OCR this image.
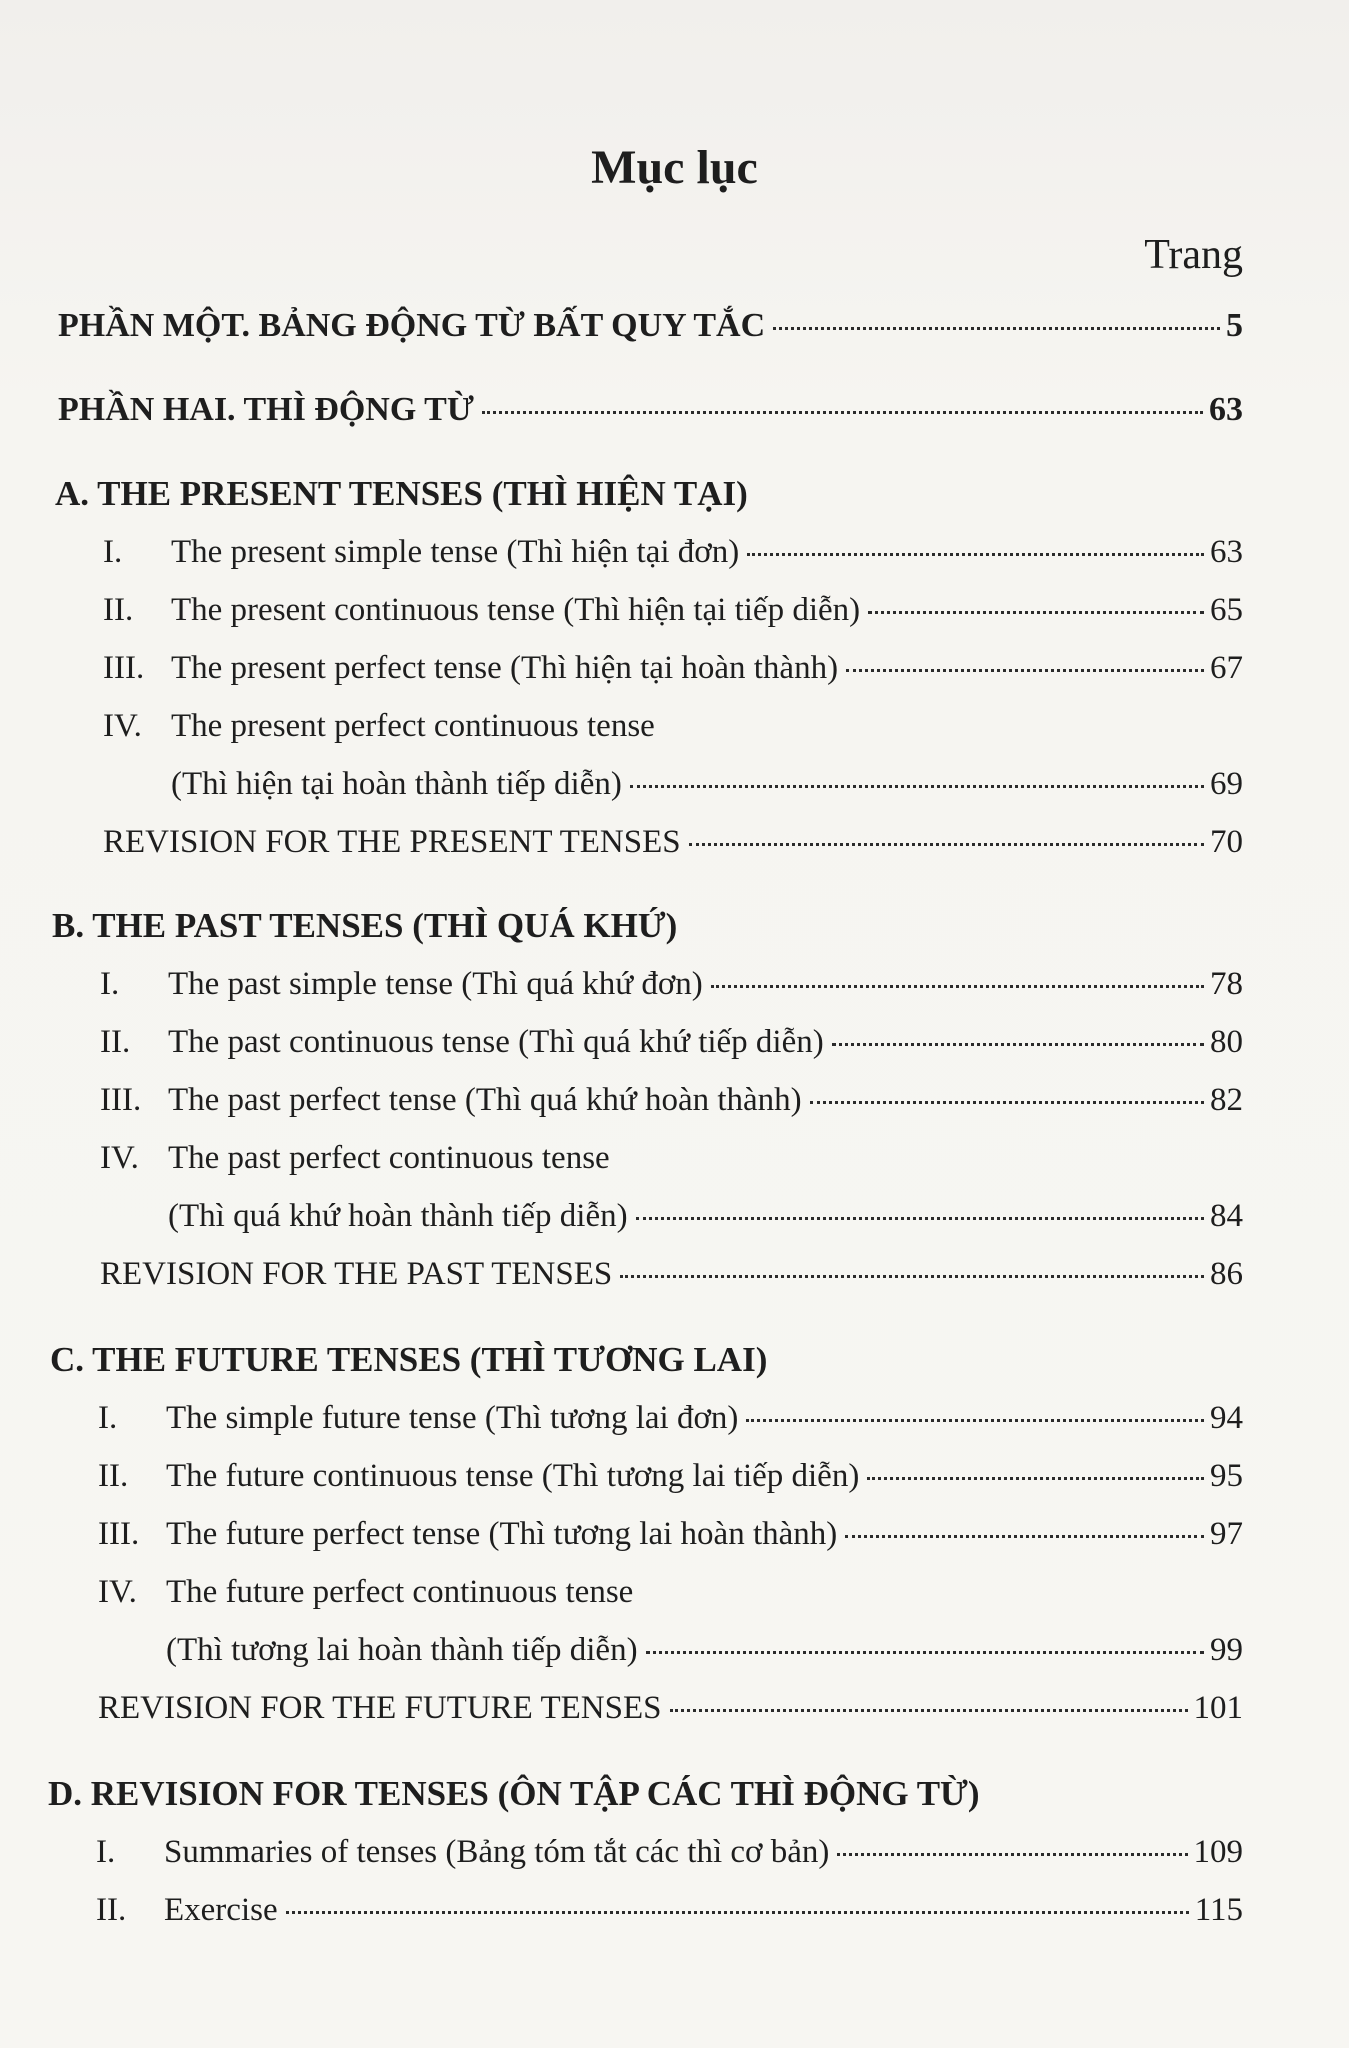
Mục lục
Trang
PHẦN MỘT. BẢNG ĐỘNG TỪ BẤT QUY TẮC	5
PHẦN HAI. THÌ ĐỘNG TỪ	63
A. THE PRESENT TENSES (THÌ HIỆN TẠI)
I.	The present simple tense (Thì hiện tại đơn)	63
II.	The present continuous tense (Thì hiện tại tiếp diễn)	65
III. The present perfect tense (Thì hiện tại hoàn thành)	67
IV. The present perfect continuous tense
(Thì hiện tại hoàn thành tiếp diễn)	69
REVISION FOR THE PRESENT TENSES	70
B. THE PAST TENSES (THÌ QUÁ KHỨ)
I.	The past simple tense (Thì quá khứ đơn)	78
II.	The past continuous tense (Thì quá khứ tiếp diễn)	80
III. The past perfect tense (Thì quá khứ hoàn thành)	82
IV. The past perfect continuous tense
(Thì quá khứ hoàn thành tiếp diễn)	84
REVISION FOR THE PAST TENSES	86
C. THE FUTURE TENSES (THÌ TƯƠNG LAI)
I.	The simple future tense (Thì tương lai đơn)	94
II.	The future continuous tense (Thì tương lai tiếp diễn)	95
III. The future perfect tense (Thì tương lai hoàn thành)	97
IV. The future perfect continuous tense
(Thì tương lai hoàn thành tiếp diễn)	99
REVISION FOR THE FUTURE TENSES	101
D. REVISION FOR TENSES (ÔN TẬP CÁC THÌ ĐỘNG TỪ)
I.	Summaries of tenses (Bảng tóm tắt các thì cơ bản)	109
II.	Exercise	115
